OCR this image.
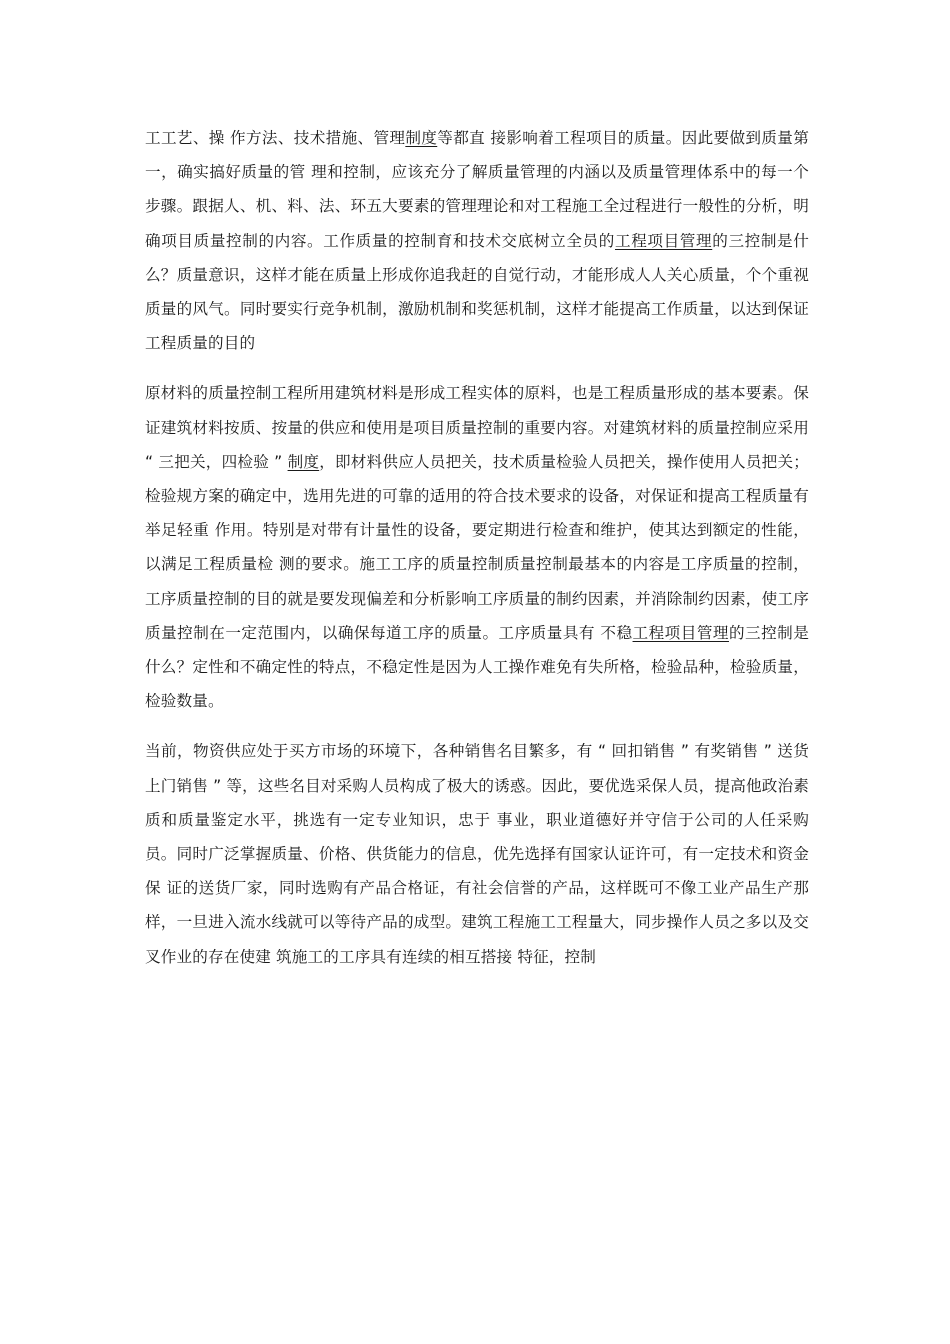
工工艺、操 作方法、技术措施、管理制度等都直 接影响着工程项目的质量。因此要做到质量第一，确实搞好质量的管 理和控制，应该充分了解质量管理的内涵以及质量管理体系中的每一个步骤。跟据人、机、料、法、环五大要素的管理理论和对工程施工全过程进行一般性的分析，明确项目质量控制的内容。工作质量的控制育和技术交底树立全员的工程项目管理的三控制是什么？质量意识，这样才能在质量上形成你追我赶的自觉行动，才能形成人人关心质量，个个重视质量的风气。同时要实行竞争机制，激励机制和奖惩机制，这样才能提高工作质量，以达到保证工程质量的目的

原材料的质量控制工程所用建筑材料是形成工程实体的原料，也是工程质量形成的基本要素。保证建筑材料按质、按量的供应和使用是项目质量控制的重要内容。对建筑材料的质量控制应采用 “ 三把关，四检验 ” 制度，即材料供应人员把关，技术质量检验人员把关，操作使用人员把关；检验规方案的确定中，选用先进的可靠的适用的符合技术要求的设备，对保证和提高工程质量有举足轻重 作用。特别是对带有计量性的设备，要定期进行检查和维护，使其达到额定的性能，以满足工程质量检 测的要求。施工工序的质量控制质量控制最基本的内容是工序质量的控制，工序质量控制的目的就是要发现偏差和分析影响工序质量的制约因素，并消除制约因素，使工序质量控制在一定范围内，以确保每道工序的质量。工序质量具有 不稳工程项目管理的三控制是什么？定性和不确定性的特点，不稳定性是因为人工操作难免有失所格，检验品种，检验质量，检验数量。

当前，物资供应处于买方市场的环境下，各种销售名目繁多，有 “ 回扣销售 ” 有奖销售 ” 送货上门销售 ” 等，这些名目对采购人员构成了极大的诱惑。因此，要优选采保人员，提高他政治素质和质量鉴定水平，挑选有一定专业知识，忠于 事业，职业道德好并守信于公司的人任采购员。同时广泛掌握质量、价格、供货能力的信息，优先选择有国家认证许可，有一定技术和资金保 证的送货厂家，同时选购有产品合格证，有社会信誉的产品，这样既可不像工业产品生产那样，一旦进入流水线就可以等待产品的成型。建筑工程施工工程量大，同步操作人员之多以及交叉作业的存在使建 筑施工的工序具有连续的相互搭接 特征，控制
